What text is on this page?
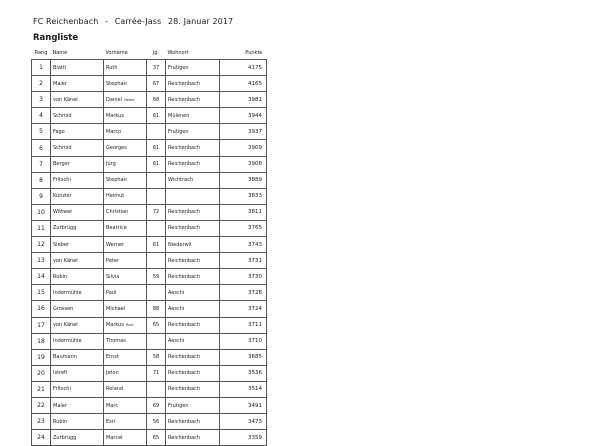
FC Reichenbach - Carrée-Jass 28. Januar 2017
Rangliste
Rang	Name	Vorname	Jg.	Wohnort	Punkte
1	Blatti	Ruth	37	Frutigen	4175
2	Maier	Stephan	67	Reichenbach	4165
3	von Känel	Daniel Hemo	68	Reichenbach	3981
4	Schmid	Markus	61	Mülenen	3944
5	Fago	Marco		Frutigen	3937
6	Schmid	Georges	61	Reichenbach	3909
7	Berger	Jürg	61	Reichenbach	3908
8	Fritschi	Stephan		Wichtrach	3889
9	Künzler	Helmut			3833
10	Wittwer	Christian	72	Reichenbach	3811
11	Zurbrügg	Beatrice		Reichenbach	3765
12	Sieber	Werner	61	Niederwil	3743
13	von Känel	Peter		Reichenbach	3731
14	Rubin	Silvia	59	Reichenbach	3730
15	Indermühle	Paul		Aeschi	3728
16	Grossen	Michael	88	Aeschi	3724
17	von Känel	Markus Ruki	65	Reichenbach	3711
18	Indermühle	Thomas		Aeschi	3710
19	Baumann	Ernst	58	Reichenbach	3685
20	Istrefi	Jeton	71	Reichenbach	3536
21	Fritschi	Roland		Reichenbach	3514
22	Maier	Marc	69	Frutigen	3491
23	Rubin	Esri	56	Reichenbach	3473
24	Zurbrügg	Marcel	65	Reichenbach	3359
